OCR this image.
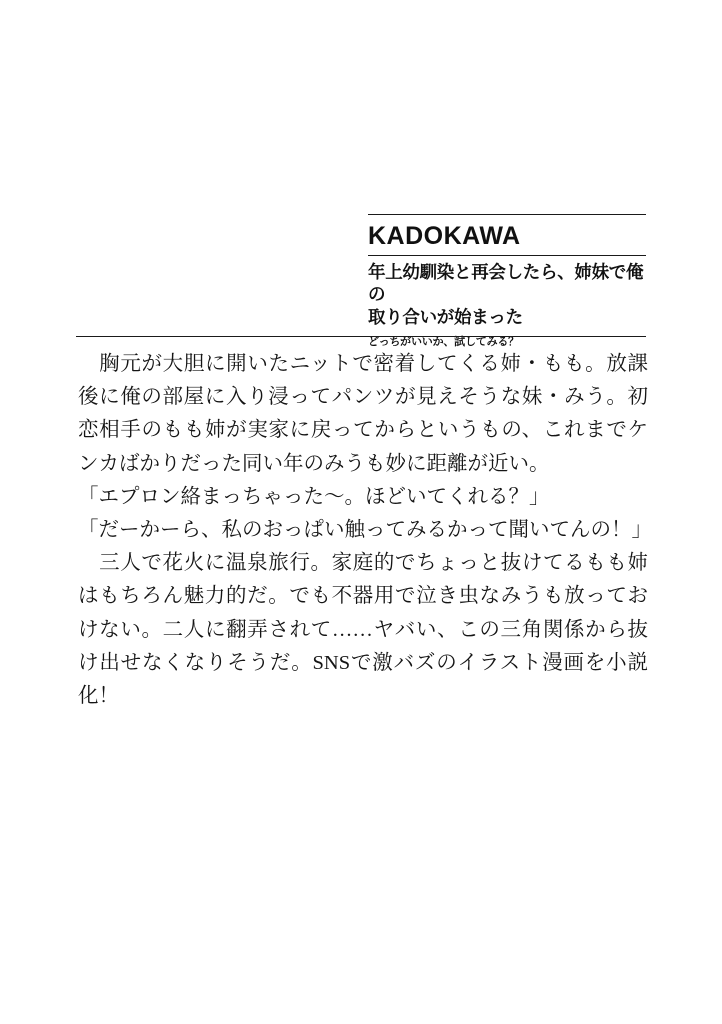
KADOKAWA
年上幼馴染と再会したら、姉妹で俺の
取り合いが始まったどっちがいいか、試してみる？

　胸元が大胆に開いたニットで密着してくる姉・もも。放課後に俺の部屋に入り浸ってパンツが見えそうな妹・みう。初恋相手のもも姉が実家に戻ってからというもの、これまでケンカばかりだった同い年のみうも妙に距離が近い。

「エプロン絡まっちゃった〜。ほどいてくれる？」

「だーかーら、私のおっぱい触ってみるかって聞いてんの！」

　三人で花火に温泉旅行。家庭的でちょっと抜けてるもも姉はもちろん魅力的だ。でも不器用で泣き虫なみうも放っておけない。二人に翻弄されて……ヤバい、この三角関係から抜け出せなくなりそうだ。SNSで激バズのイラスト漫画を小説化！
